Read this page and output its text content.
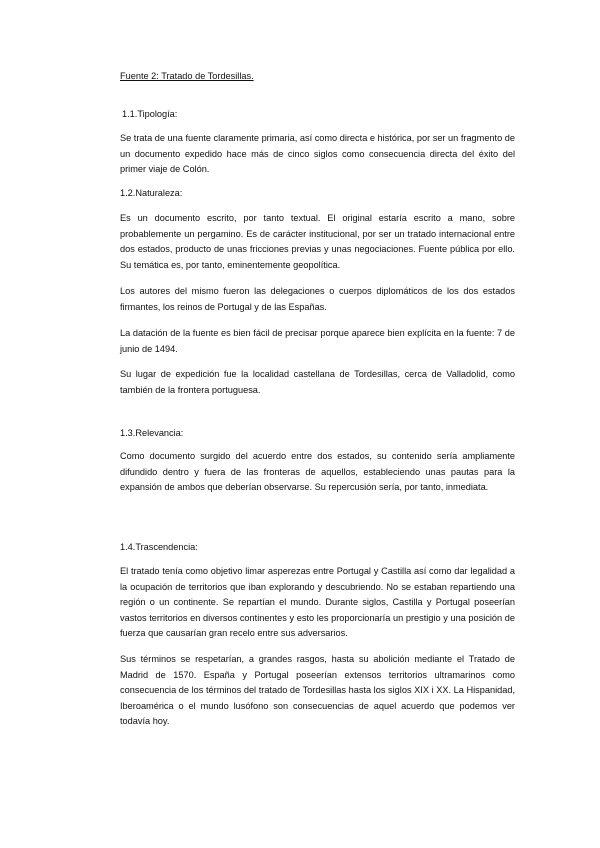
Fuente 2: Tratado de Tordesillas.

1.1.Tipología:

Se trata de una fuente claramente primaria, así como directa e histórica, por ser un fragmento de un documento expedido hace más de cinco siglos como consecuencia directa del éxito del primer viaje de Colón.

1.2.Naturaleza:

Es un documento escrito, por tanto textual. El original estaría escrito a mano, sobre probablemente un pergamino. Es de carácter institucional, por ser un tratado internacional entre dos estados, producto de unas fricciones previas y unas negociaciones. Fuente pública por ello. Su temática es, por tanto, eminentemente geopolítica.

Los autores del mismo fueron las delegaciones o cuerpos diplomáticos de los dos estados firmantes, los reinos de Portugal y de las Españas.

La datación de la fuente es bien fácil de precisar porque aparece bien explícita en la fuente: 7 de junio de 1494.

Su lugar de expedición fue la localidad castellana de Tordesillas, cerca de Valladolid, como también de la frontera portuguesa.

1.3.Relevancia:

Como documento surgido del acuerdo entre dos estados, su contenido sería ampliamente difundido dentro y fuera de las fronteras de aquellos, estableciendo unas pautas para la expansión de ambos que deberían observarse. Su repercusión sería, por tanto, inmediata.

1.4.Trascendencia:

El tratado tenía como objetivo limar asperezas entre Portugal y Castilla así como dar legalidad a la ocupación de territorios que iban explorando y descubriendo. No se estaban repartiendo una región o un continente. Se repartían el mundo. Durante siglos, Castilla y Portugal poseerían vastos territorios en diversos continentes y esto les proporcionaría un prestigio y una posición de fuerza que causarían gran recelo entre sus adversarios.

Sus términos se respetarían, a grandes rasgos, hasta su abolición mediante el Tratado de Madrid de 1570. España y Portugal poseerían extensos territorios ultramarinos como consecuencia de los términos del tratado de Tordesillas hasta los siglos XIX i XX. La Hispanidad, Iberoamérica o el mundo lusófono son consecuencias de aquel acuerdo que podemos ver todavía hoy.
